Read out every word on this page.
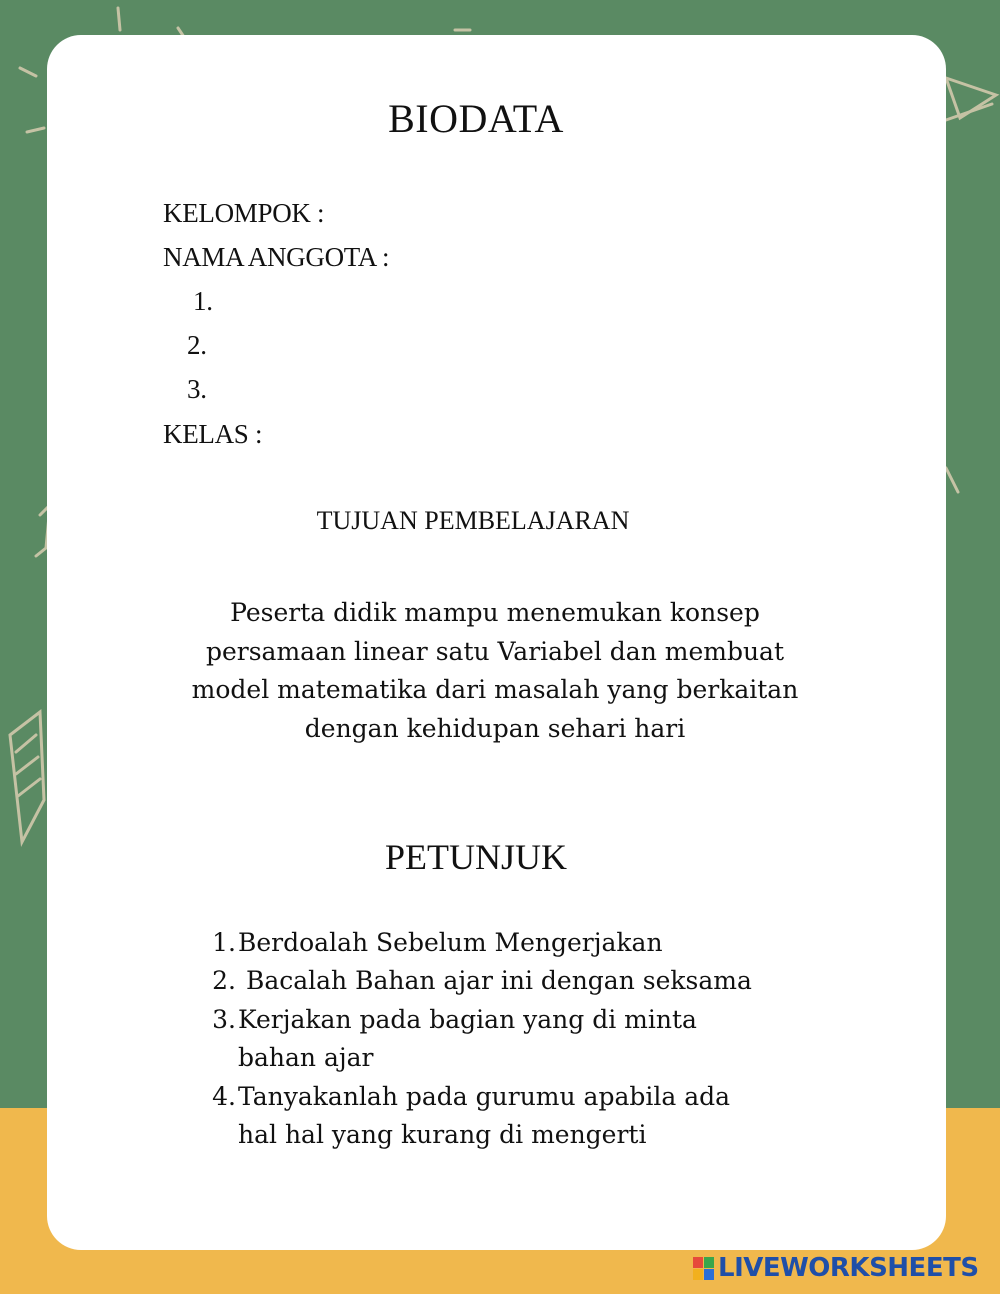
BIODATA
KELOMPOK :
NAMA ANGGOTA :
1.
2.
3.
KELAS :
TUJUAN PEMBELAJARAN
Peserta didik mampu menemukan konsep
persamaan linear satu Variabel dan membuat
model matematika dari masalah yang berkaitan
dengan kehidupan sehari hari
PETUNJUK
1. Berdoalah Sebelum Mengerjakan
2. Bacalah Bahan ajar ini dengan seksama
3. Kerjakan pada bagian yang di minta
bahan ajar
4. Tanyakanlah pada gurumu apabila ada
hal hal yang kurang di mengerti
LIVEWORKSHEETS
